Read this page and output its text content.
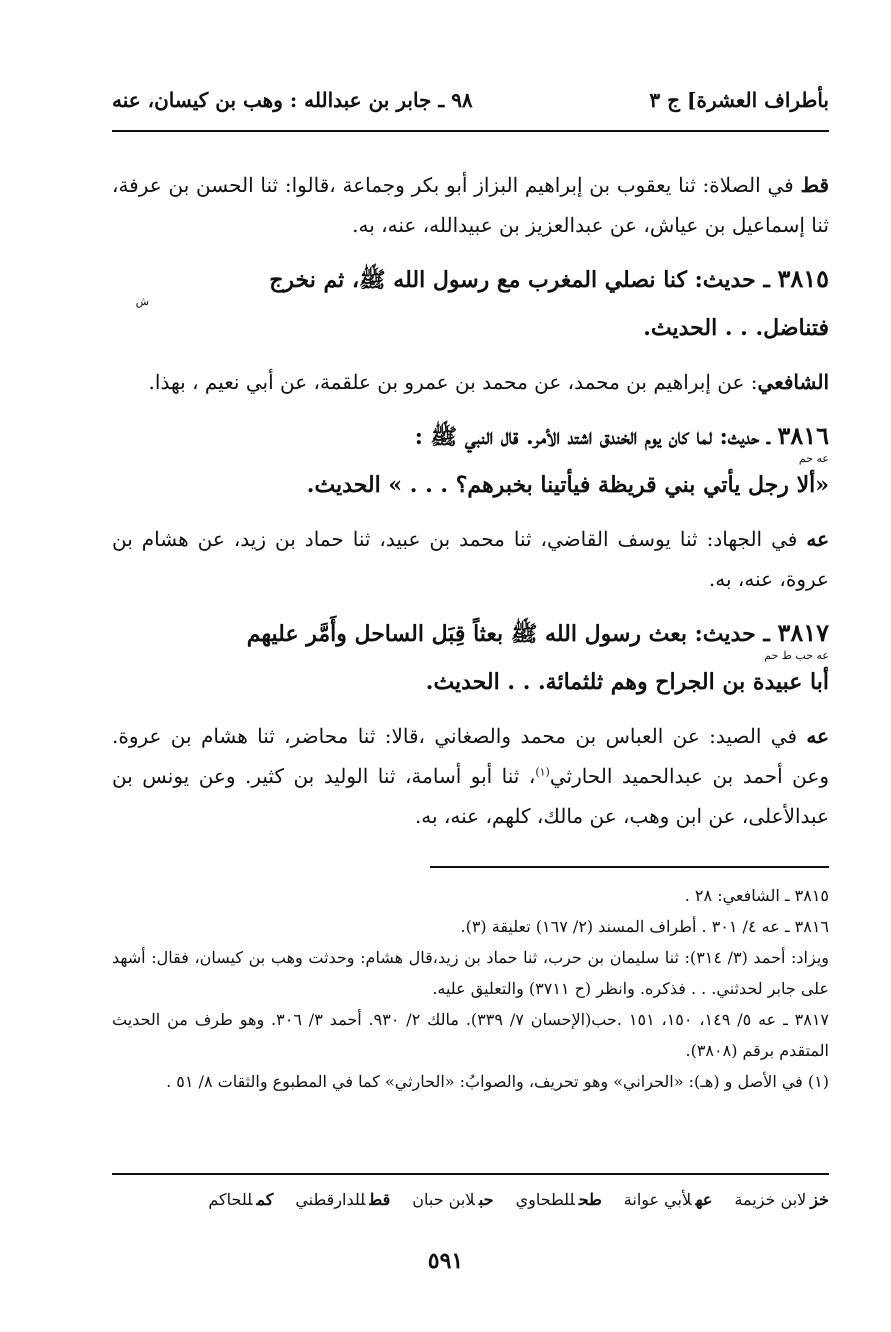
بأطراف العشرة] ج ٣
٩٨ ـ جابر بن عبدالله : وهب بن كيسان، عنه

قط في الصلاة: ثنا يعقوب بن إبراهيم البزاز أبو بكر وجماعة ،قالوا: ثنا الحسن بن عرفة، ثنا إسماعيل بن عياش، عن عبدالعزيز بن عبيدالله، عنه، به.

٣٨١٥ ـ حديث: كنا نصلي المغرب مع رسول الله ﷺ، ثم نخرج
ش
فتناضل. . . الحديث.

الشافعي: عن إبراهيم بن محمد، عن محمد بن عمرو بن علقمة، عن أبي نعيم ، بهذا.

٣٨١٦ ـ حديث: لما كان يوم الخندق اشتد الأمر. قال النبي ﷺ :
عه حم
«ألا رجل يأتي بني قريظة فيأتينا بخبرهم؟ . . . » الحديث.

عه في الجهاد: ثنا يوسف القاضي، ثنا محمد بن عبيد، ثنا حماد بن زيد، عن هشام بن عروة، عنه، به.

٣٨١٧ ـ حديث: بعث رسول الله ﷺ بعثاً قِبَل الساحل وأَمَّر عليهم
عه حب ط حم
أبا عبيدة بن الجراح وهم ثلثمائة. . . الحديث.

عه في الصيد: عن العباس بن محمد والصغاني ،قالا: ثنا محاضر، ثنا هشام بن عروة. وعن أحمد بن عبدالحميد الحارثي$^{(١)}$، ثنا أبو أسامة، ثنا الوليد بن كثير. وعن يونس بن عبدالأعلى، عن ابن وهب، عن مالك، كلهم، عنه، به.

٣٨١٥ ـ الشافعي: ٢٨ .

٣٨١٦ ـ عه ٤/ ٣٠١ . أطراف المسند (٢/ ١٦٧) تعليقة (٣).

ويزاد: أحمد (٣/ ٣١٤): ثنا سليمان بن حرب، ثنا حماد بن زيد،قال هشام: وحدثت وهب بن كيسان، فقال: أشهد على جابر لحدثني. . . فذكره. وانظر (ح ٣٧١١) والتعليق عليه.

٣٨١٧ ـ عه ٥/ ١٤٩، ١٥٠، ١٥١ .حب(الإحسان ٧/ ٣٣٩). مالك ٢/ ٩٣٠. أحمد ٣/ ٣٠٦. وهو طرف من الحديث المتقدم برقم (٣٨٠٨).

(١) في الأصل و (هـ): «الحراني» وهو تحريف، والصوابُ: «الحارثي» كما في المطبوع والثقات ٨/ ٥١ .

خزلابن خزيمة
عهلأبي عوانة
طحللطحاوي
حبلابن حبان
قطللدارقطني
كمللحاكم
٥٩١
